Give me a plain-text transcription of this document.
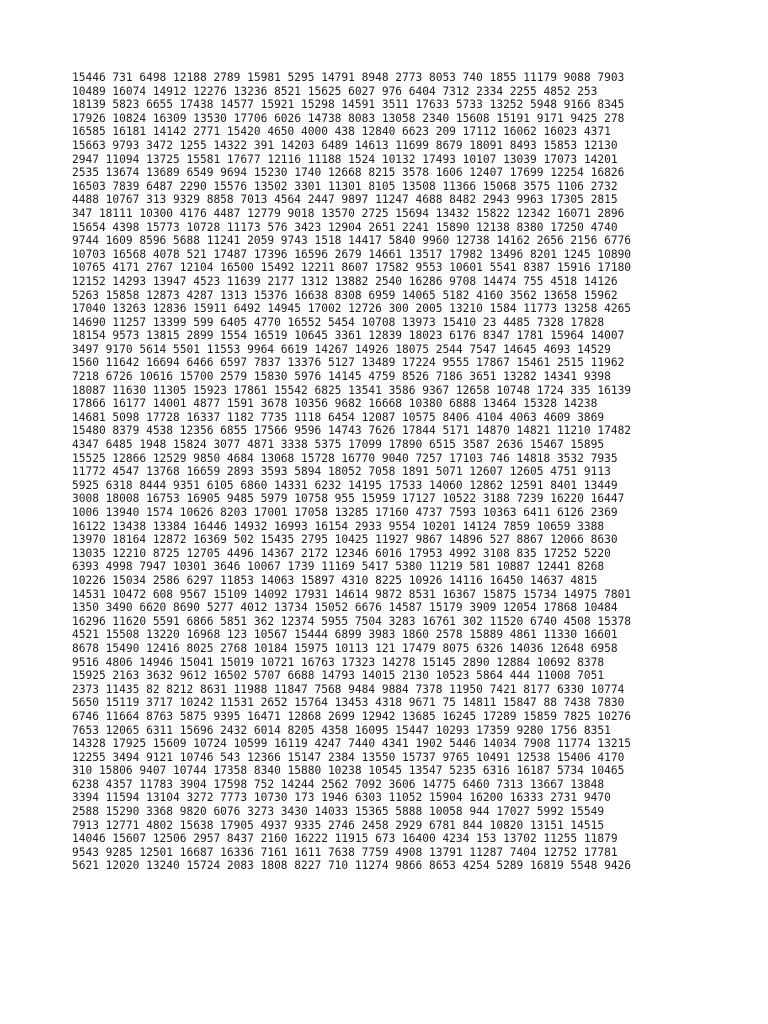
15446 731 6498 12188 2789 15981 5295 14791 8948 2773 8053 740 1855 11179 9088 7903
10489 16074 14912 12276 13236 8521 15625 6027 976 6404 7312 2334 2255 4852 253
18139 5823 6655 17438 14577 15921 15298 14591 3511 17633 5733 13252 5948 9166 8345
17926 10824 16309 13530 17706 6026 14738 8083 13058 2340 15608 15191 9171 9425 278
16585 16181 14142 2771 15420 4650 4000 438 12840 6623 209 17112 16062 16023 4371
15663 9793 3472 1255 14322 391 14203 6489 14613 11699 8679 18091 8493 15853 12130
2947 11094 13725 15581 17677 12116 11188 1524 10132 17493 10107 13039 17073 14201
2535 13674 13689 6549 9694 15230 1740 12668 8215 3578 1606 12407 17699 12254 16826
16503 7839 6487 2290 15576 13502 3301 11301 8105 13508 11366 15068 3575 1106 2732
4488 10767 313 9329 8858 7013 4564 2447 9897 11247 4688 8482 2943 9963 17305 2815
347 18111 10300 4176 4487 12779 9018 13570 2725 15694 13432 15822 12342 16071 2896
15654 4398 15773 10728 11173 576 3423 12904 2651 2241 15890 12138 8380 17250 4740
9744 1609 8596 5688 11241 2059 9743 1518 14417 5840 9960 12738 14162 2656 2156 6776
10703 16568 4078 521 17487 17396 16596 2679 14661 13517 17982 13496 8201 1245 10890
10765 4171 2767 12104 16500 15492 12211 8607 17582 9553 10601 5541 8387 15916 17180
12152 14293 13947 4523 11639 2177 1312 13882 2540 16286 9708 14474 755 4518 14126
5263 15858 12873 4287 1313 15376 16638 8308 6959 14065 5182 4160 3562 13658 15962
17040 13263 12836 15911 6492 14945 17002 12726 300 2005 13210 1584 11773 13258 4265
14690 11257 13399 599 6405 4770 16552 5454 10708 13973 15410 23 4485 7328 17828
18154 9573 13815 2899 1554 16519 10645 3361 12839 18023 6176 8347 1781 15964 14007
3497 9170 5614 5501 11553 9964 6619 14267 14926 18075 2544 7547 14645 4693 14529
1560 11642 16694 6466 6597 7837 13376 5127 13489 17224 9555 17867 15461 2515 11962
7218 6726 10616 15700 2579 15830 5976 14145 4759 8526 7186 3651 13282 14341 9398
18087 11630 11305 15923 17861 15542 6825 13541 3586 9367 12658 10748 1724 335 16139
17866 16177 14001 4877 1591 3678 10356 9682 16668 10380 6888 13464 15328 14238
14681 5098 17728 16337 1182 7735 1118 6454 12087 10575 8406 4104 4063 4609 3869
15480 8379 4538 12356 6855 17566 9596 14743 7626 17844 5171 14870 14821 11210 17482
4347 6485 1948 15824 3077 4871 3338 5375 17099 17890 6515 3587 2636 15467 15895
15525 12866 12529 9850 4684 13068 15728 16770 9040 7257 17103 746 14818 3532 7935
11772 4547 13768 16659 2893 3593 5894 18052 7058 1891 5071 12607 12605 4751 9113
5925 6318 8444 9351 6105 6860 14331 6232 14195 17533 14060 12862 12591 8401 13449
3008 18008 16753 16905 9485 5979 10758 955 15959 17127 10522 3188 7239 16220 16447
1006 13940 1574 10626 8203 17001 17058 13285 17160 4737 7593 10363 6411 6126 2369
16122 13438 13384 16446 14932 16993 16154 2933 9554 10201 14124 7859 10659 3388
13970 18164 12872 16369 502 15435 2795 10425 11927 9867 14896 527 8867 12066 8630
13035 12210 8725 12705 4496 14367 2172 12346 6016 17953 4992 3108 835 17252 5220
6393 4998 7947 10301 3646 10067 1739 11169 5417 5380 11219 581 10887 12441 8268
10226 15034 2586 6297 11853 14063 15897 4310 8225 10926 14116 16450 14637 4815
14531 10472 608 9567 15109 14092 17931 14614 9872 8531 16367 15875 15734 14975 7801
1350 3490 6620 8690 5277 4012 13734 15052 6676 14587 15179 3909 12054 17868 10484
16296 11620 5591 6866 5851 362 12374 5955 7504 3283 16761 302 11520 6740 4508 15378
4521 15508 13220 16968 123 10567 15444 6899 3983 1860 2578 15889 4861 11330 16601
8678 15490 12416 8025 2768 10184 15975 10113 121 17479 8075 6326 14036 12648 6958
9516 4806 14946 15041 15019 10721 16763 17323 14278 15145 2890 12884 10692 8378
15925 2163 3632 9612 16502 5707 6688 14793 14015 2130 10523 5864 444 11008 7051
2373 11435 82 8212 8631 11988 11847 7568 9484 9884 7378 11950 7421 8177 6330 10774
5650 15119 3717 10242 11531 2652 15764 13453 4318 9671 75 14811 15847 88 7438 7830
6746 11664 8763 5875 9395 16471 12868 2699 12942 13685 16245 17289 15859 7825 10276
7653 12065 6311 15696 2432 6014 8205 4358 16095 15447 10293 17359 9280 1756 8351
14328 17925 15609 10724 10599 16119 4247 7440 4341 1902 5446 14034 7908 11774 13215
12255 3494 9121 10746 543 12366 15147 2384 13550 15737 9765 10491 12538 15406 4170
310 15806 9407 10744 17358 8340 15880 10238 10545 13547 5235 6316 16187 5734 10465
6238 4357 11783 3904 17598 752 14244 2562 7092 3606 14775 6460 7313 13667 13848
3394 11594 13104 3272 7773 10730 173 1946 6303 11052 15904 16200 16333 2731 9470
2588 15290 3368 9820 6076 3273 3430 14033 15365 5888 10058 944 17027 5992 15549
7913 12771 4802 15638 17905 4937 9335 2746 2458 2929 6781 844 10820 13151 14515
14046 15607 12506 2957 8437 2160 16222 11915 673 16400 4234 153 13702 11255 11879
9543 9285 12501 16687 16336 7161 1611 7638 7759 4908 13791 11287 7404 12752 17781
5621 12020 13240 15724 2083 1808 8227 710 11274 9866 8653 4254 5289 16819 5548 9426
